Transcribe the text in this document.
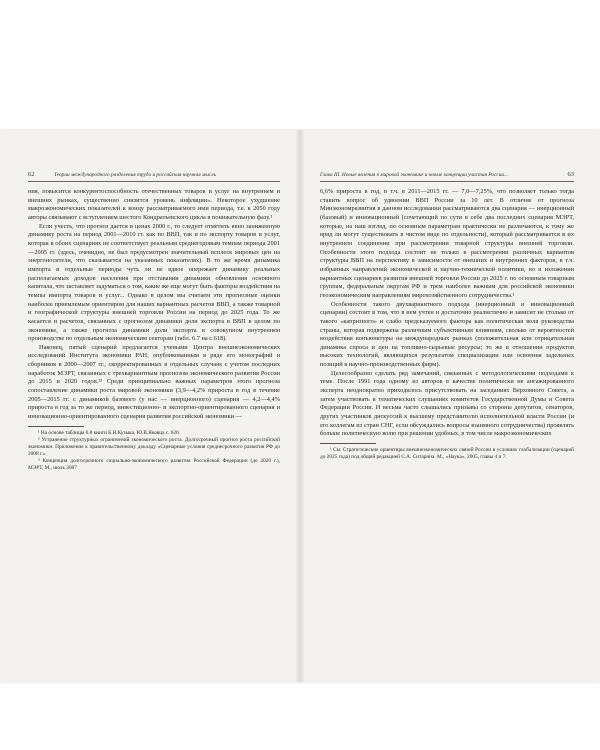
62	Теории международного разделения труда и российская научная мысль

ния, повысится конкурентоспособность отечественных товаров и услуг на внутреннем и внешних рынках, существенно снизится уровень инфляции». Некоторое ухудшение макроэкономических показателей к концу рассматриваемого ими периода, т.е. к 2050 году авторы связывают с вступлением шестого Кондратьевского цикла в понижательную фазу.¹

Если учесть, что прогноз дается в ценах 2000 г., то следует отметить явно заниженную динамику роста на период 2001—2010 гг. как по ВВП, так и по экспорту товаров и услуг, которая в обоих сценариях не соответствует реальным среднегодовым темпам периода 2001—2005 гг. (здесь, очевидно, не был предусмотрен значительный всплеск мировых цен на энергоносители, что сказывается на указанных показателях). В то же время динамика импорта в отдельные периоды чуть ли не вдвое опережает динамику реальных располагаемых доходов населения при отставании динамики обновления основного капитала, что заставляет задуматься о том, какие же еще могут быть факторы воздействия на темпы импорта товаров и услуг... Однако в целом мы считаем эти прогнозные оценки наиболее приемлемым ориентиром для наших вариантных расчетов ВВП, а также товарной и географической структуры внешней торговли России на период до 2025 года. То же касается и расчетов, связанных с прогнозом динамики доли экспорта в ВВП в целом по экономике, а также прогноза динамики доли экспорта в совокупном внутреннем производстве по отдельным экономическим секторам (табл. 6.7 на с.618).

Наконец, пятый сценарий предлагается учеными Центра внешнеэкономических исследований Института экономики РАН, опубликованным в ряде его монографий и сборников в 2000—2007 гг., скорректированных в отдельных случаях с учетом последних наработок МЭРТ, связанных с трехвариантным прогнозом экономического развития России до 2015 и 2020 годов.²³ Среди принципиально важных параметров этого прогноза сопоставление динамики роста мировой экономики (3,9—4,2% прироста в год в течение 2005—2015 гг. с динамикой базового (у нас — инерционного) сценария — 4,2—4,4% прироста в год за то же период, инвестиционно- и экспортно-ориентированного сценария и инновационно-ориентированного сценария развития российской экономики —

¹ На основе таблицы 6.8 книги Б.Н.Кузыка, Ю.В.Яковца с. 620.

² Устранение структурных ограничений экономического роста. Долгосрочный прогноз роста российской экономики. Приложение к правительственному докладу «Сценарные условия среднесрочного развития РФ до 2008 г.»

³ Концепция долгосрочного социально-экономического развития Российской Федерации (до 2020 г.), МЭРТ, М., июль 2007

Глава III. Новые явления в мировой экономике и новые концепции участия России...	63

6,6% прироста в год, в т.ч. в 2011—2015 гг. — 7,0—7,25%, что позволяет только тогда ставить вопрос об удвоении ВВП России за 10 лет. В отличие от прогноза Минэкономразвития в данном исследовании рассматриваются два сценария — инерционный (базовый) и инновационный (сочетающий по сути в себе два последних сценария МЭРТ, которые, на наш взгляд, по основным параметрам практически не различаются, к тому же вряд ли могут существовать в чистом виде по отдельности), который рассматривается в их внутреннем соединении при рассмотрении товарной структуры внешней торговли. Особенности этого подхода состоит не только в рассмотрении различных вариантов структуры ВВП на перспективу в зависимости от внешних и внутренних факторов, в т.ч. избранных направлений экономической и научно-технической политики, но и изложении вариантных сценариев развития внешней торговли России до 2025 г. по основным товарным группам, федеральным округам РФ и трем наиболее важным для российской экономики геоэкономическим направлениям мирохозяйственного сотрудничества.¹

Особенности такого двухвариантного подхода (инерционный и инновационный сценарии) состоит в том, что в нем учтен и достаточно реалистично и зависит не столько от такого «капризного» и слабо предсказуемого фактора как политическая воля руководства страны, которая подвержена различным субъективным влияниям, сколько от вероятностей воздействия конъюнктуры на международных рынках (положительная или отрицательная динамика спроса и цен на топливно-сырьевые ресурсы; то же в отношении продуктов высоких технологий, являющихся результатом специализации или освоения задельных позиций в научно-производственных фирм).

Целесообразно сделать ряд замечаний, связанных с методологическими подходами к теме. После 1991 года одному из авторов в качестве политически не ангажированного эксперта неоднократно приходилось присутствовать на заседаниях Верховного Совета, а затем участвовать в тематических слушаниях комитетов Государственной Думы и Совета Федерации России. И весьма часто слышались призывы со стороны депутатов, сенаторов, других участников дискуссий к высшему представителю исполнительной власти России (и его коллегам из стран СНГ, если обсуждались вопросы взаимного сотрудничества) проявлять больше политическую волю при решении удобных, в том числе макроэкономических

¹ См. Стратегические ориентиры внешнеэкономических связей России в условиях глобализации (сценарий до 2025 года) под общей редакцией С.А. Ситарина. М., «Наука», 2005, главы 4 и 7.
